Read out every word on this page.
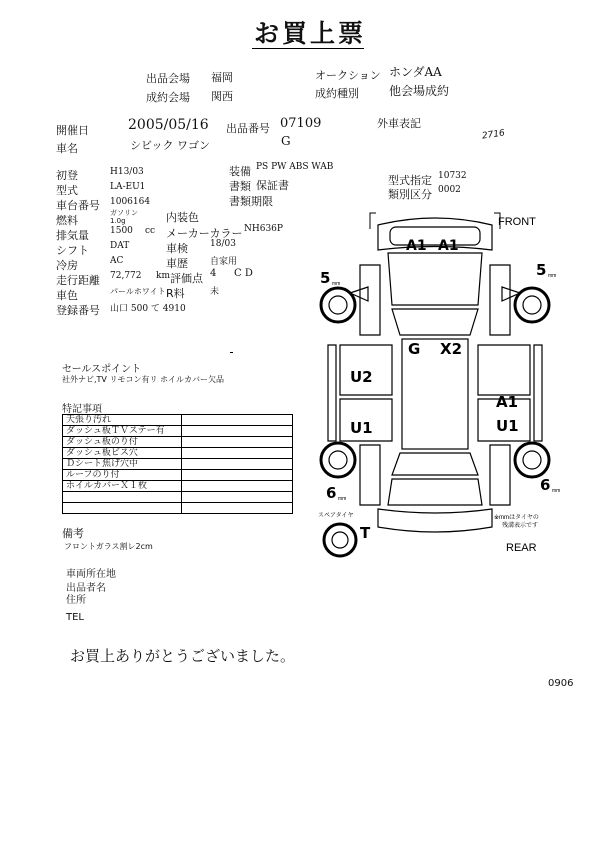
お買上票
出品会場 福岡
成約会場 関西
オークション ホンダAA
成約種別	他会場成約
開催日	2005/05/16 出品番号 07109
G
外車表記
2716
車名	シビック ワゴン
装備 PS PW ABS WAB
書類 保証書
書類期限
型式指定 10732
類別区分 0002
初登	H13/03
型式	LA-EU1
車台番号 1006164
燃料
ガソリン
1.0g
排気量 1500 cc
シフト DAT
冷房	AC
走行距離 72,772 km
車色	パールホワイト
登録番号 山口 500 て 4910
内装色
メーカーカラー NH636P
車検 18/03
車歴 自家用
評価点 4 C D
R料	未
セールスポイント
社外ナビ,TV リモコン有リ ホイルカバー欠品
特記事項
天張り汚れ	
ダッシュ板ＴＶステー有	
ダッシュ板のり付	
ダッシュ板ビス穴	
Ｄシート焦げ穴中	
ルーフのり付	
ホイルカバーＸ１枚	

備考
フロントガラス割レ2cm
車両所在地
出品者名
住所
TEL
お買上ありがとうございました。
0906
A1 A1
G X2
U2
U1
A1
U1
T
5	5
6	6
mm
mm
mm
mm
FRONT
REAR
スペアタイヤ	※mmはタイヤの
残溝表示です
